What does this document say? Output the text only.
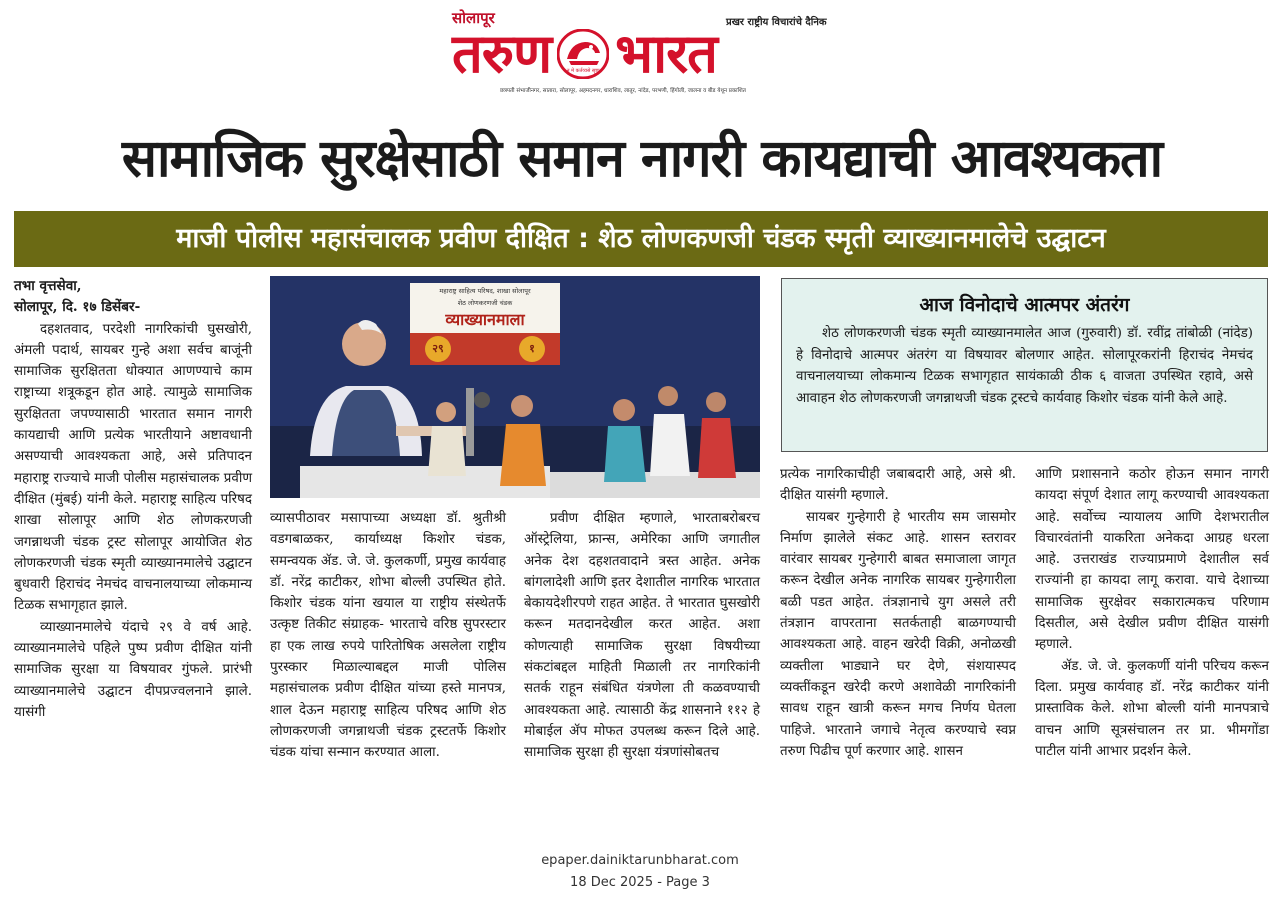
सोलापूर	प्रखर राष्ट्रीय विचारांचे दैनिक
तरुण	न मे कर्तव्यसे सृष्टा भारत
छत्रपती संभाजीनगर, सातारा, सोलापूर, अहमदनगर, धाराशिव, लातूर, नांदेड, परभणी, हिंगोली, जालना व बीड येथून प्रकाशित
सामाजिक सुरक्षेसाठी समान नागरी कायद्याची आवश्यकता
माजी पोलीस महासंचालक प्रवीण दीक्षित : शेठ लोणकणजी चंडक स्मृती व्याख्यानमालेचे उद्घाटन
तभा वृत्तसेवा,
सोलापूर, दि. १७ डिसेंबर-

दहशतवाद, परदेशी नागरिकांची घुसखोरी, अंमली पदार्थ, सायबर गुन्हे अशा सर्वच बाजूंनी सामाजिक सुरक्षितता धोक्यात आणण्याचे काम राष्ट्राच्या शत्रूकडून होत आहे. त्यामुळे सामाजिक सुरक्षितता जपण्यासाठी भारतात समान नागरी कायद्याची आणि प्रत्येक भारतीयाने अष्टावधानी असण्याची आवश्यकता आहे, असे प्रतिपादन महाराष्ट्र राज्याचे माजी पोलीस महासंचालक प्रवीण दीक्षित (मुंबई) यांनी केले. महाराष्ट्र साहित्य परिषद शाखा सोलापूर आणि शेठ लोणकरणजी जगन्नाथजी चंडक ट्रस्ट सोलापूर आयोजित शेठ लोणकरणजी चंडक स्मृती व्याख्यानमालेचे उद्घाटन बुधवारी हिराचंद नेमचंद वाचनालयाच्या लोकमान्य टिळक सभागृहात झाले.

व्याख्यानमालेचे यंदाचे २९ वे वर्ष आहे. व्याख्यानमालेचे पहिले पुष्प प्रवीण दीक्षित यांनी सामाजिक सुरक्षा या विषयावर गुंफले. प्रारंभी व्याख्यानमालेचे उद्घाटन दीपप्रज्वलनाने झाले. यासंगी

महाराष्ट्र साहित्य परिषद, शाखा सोलापूर
शेठ लोणकरणजी चंडक
व्याख्यानमाला
२९	१

व्यासपीठावर मसापाच्या अध्यक्षा डॉ. श्रुतीश्री वडगबाळकर, कार्याध्यक्ष किशोर चंडक, समन्वयक ॲड. जे. जे. कुलकर्णी, प्रमुख कार्यवाह डॉ. नरेंद्र काटीकर, शोभा बोल्ली उपस्थित होते. किशोर चंडक यांना खयाल या राष्ट्रीय संस्थेतर्फे उत्कृष्ट तिकीट संग्राहक- भारताचे वरिष्ठ सुपरस्टार हा एक लाख रुपये पारितोषिक असलेला राष्ट्रीय पुरस्कार मिळाल्याबद्दल माजी पोलिस महासंचालक प्रवीण दीक्षित यांच्या हस्ते मानपत्र, शाल देऊन महाराष्ट्र साहित्य परिषद आणि शेठ लोणकरणजी जगन्नाथजी चंडक ट्रस्टतर्फे किशोर चंडक यांचा सन्मान करण्यात आला.

प्रवीण दीक्षित म्हणाले, भारताबरोबरच ऑस्ट्रेलिया, फ्रान्स, अमेरिका आणि जगातील अनेक देश दहशतवादाने त्रस्त आहेत. अनेक बांगलादेशी आणि इतर देशातील नागरिक भारतात बेकायदेशीरपणे राहत आहेत. ते भारतात घुसखोरी करून मतदानदेखील करत आहेत. अशा कोणत्याही सामाजिक सुरक्षा विषयीच्या संकटांबद्दल माहिती मिळाली तर नागरिकांनी सतर्क राहून संबंधित यंत्रणेला ती कळवण्याची आवश्यकता आहे. त्यासाठी केंद्र शासनाने ११२ हे मोबाईल ॲप मोफत उपलब्ध करून दिले आहे. सामाजिक सुरक्षा ही सुरक्षा यंत्रणांसोबतच

आज विनोदाचे आत्मपर अंतरंग
शेठ लोणकरणजी चंडक स्मृती व्याख्यानमालेत आज (गुरुवारी) डॉ. रवींद्र तांबोळी (नांदेड) हे विनोदाचे आत्मपर अंतरंग या विषयावर बोलणार आहेत. सोलापूरकरांनी हिराचंद नेमचंद वाचनालयाच्या लोकमान्य टिळक सभागृहात सायंकाळी ठीक ६ वाजता उपस्थित रहावे, असे आवाहन शेठ लोणकरणजी जगन्नाथजी चंडक ट्रस्टचे कार्यवाह किशोर चंडक यांनी केले आहे.

प्रत्येक नागरिकाचीही जबाबदारी आहे, असे श्री. दीक्षित यासंगी म्हणाले.

सायबर गुन्हेगारी हे भारतीय सम जासमोर निर्माण झालेले संकट आहे. शासन स्तरावर वारंवार सायबर गुन्हेगारी बाबत समाजाला जागृत करून देखील अनेक नागरिक सायबर गुन्हेगारीला बळी पडत आहेत. तंत्रज्ञानाचे युग असले तरी तंत्रज्ञान वापरताना सतर्कताही बाळगण्याची आवश्यकता आहे. वाहन खरेदी विक्री, अनोळखी व्यक्तीला भाड्याने घर देणे, संशयास्पद व्यक्तींकडून खरेदी करणे अशावेळी नागरिकांनी सावध राहून खात्री करून मगच निर्णय घेतला पाहिजे. भारताने जगाचे नेतृत्व करण्याचे स्वप्न तरुण पिढीच पूर्ण करणार आहे. शासन

आणि प्रशासनाने कठोर होऊन समान नागरी कायदा संपूर्ण देशात लागू करण्याची आवश्यकता आहे. सर्वोच्च न्यायालय आणि देशभरातील विचारवंतांनी याकरिता अनेकदा आग्रह धरला आहे. उत्तराखंड राज्याप्रमाणे देशातील सर्व राज्यांनी हा कायदा लागू करावा. याचे देशाच्या सामाजिक सुरक्षेवर सकारात्मकच परिणाम दिसतील, असे देखील प्रवीण दीक्षित यासंगी म्हणाले.

ॲड. जे. जे. कुलकर्णी यांनी परिचय करून दिला. प्रमुख कार्यवाह डॉ. नरेंद्र काटीकर यांनी प्रास्ताविक केले. शोभा बोल्ली यांनी मानपत्राचे वाचन आणि सूत्रसंचालन तर प्रा. भीमगोंडा पाटील यांनी आभार प्रदर्शन केले.

epaper.dainiktarunbharat.com
18 Dec 2025 - Page 3
